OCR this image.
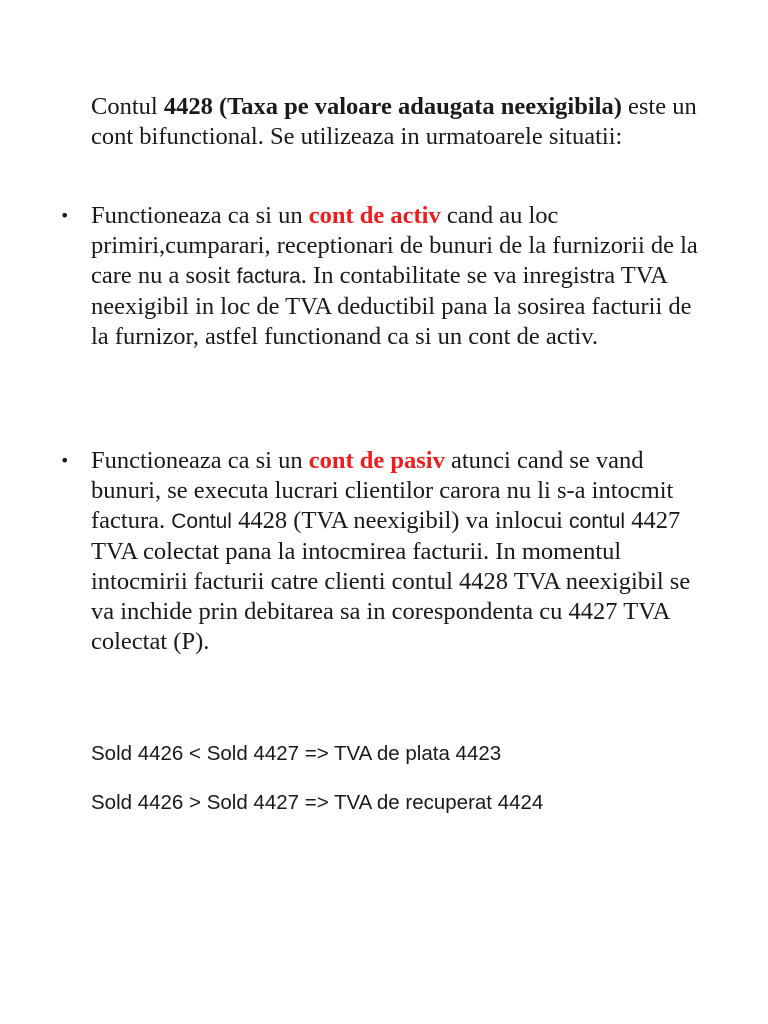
Contul 4428 (Taxa pe valoare adaugata neexigibila) este un cont bifunctional. Se utilizeaza in urmatoarele situatii:

• Functioneaza ca si un cont de activ cand au loc primiri,cumparari, receptionari de bunuri de la furnizorii de la care nu a sosit factura. In contabilitate se va inregistra TVA neexigibil in loc de TVA deductibil pana la sosirea facturii de la furnizor, astfel functionand ca si un cont de activ.
• Functioneaza ca si un cont de pasiv atunci cand se vand bunuri, se executa lucrari clientilor carora nu li s-a intocmit factura. Contul 4428 (TVA neexigibil) va inlocui contul 4427 TVA colectat pana la intocmirea facturii. In momentul intocmirii facturii catre clienti contul 4428 TVA neexigibil se va inchide prin debitarea sa in corespondenta cu 4427 TVA colectat (P).
Sold 4426 < Sold 4427 => TVA de plata 4423
Sold 4426 > Sold 4427 => TVA de recuperat 4424
